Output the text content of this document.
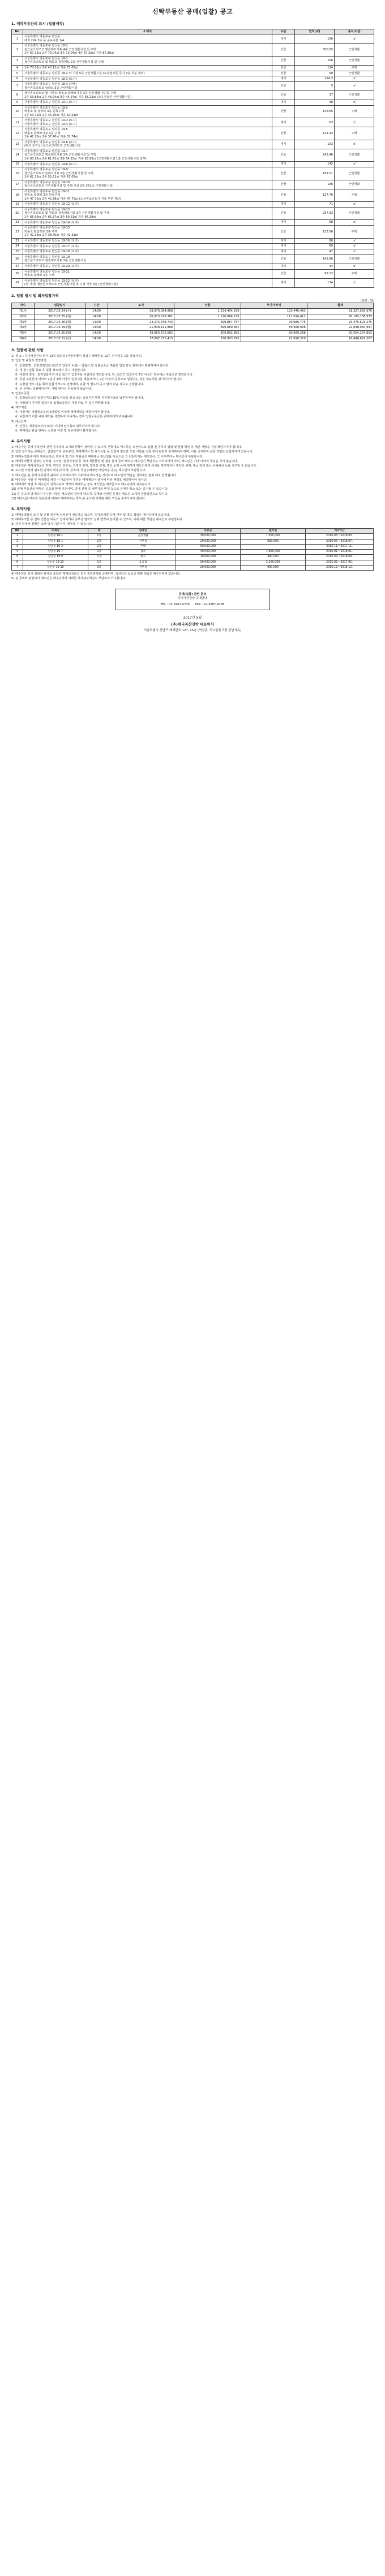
신탁부동산 공매(입찰) 공고
1. 매각부동산의 표시 (일괄매각)
No	소재지	구분	면적(㎡)	용도/지분
1	서울특별시 영등포구 당산동
대지 224.3㎡ 중 공유지분 1/4	대지	156	㎡
2	서울특별시 영등포구 당산동 18-1
철근콘크리조조 평슬래브지붕 4층 근린생활시설 및 주택
1층 67.35㎡ 2층 73.04㎡ 3층 73.04㎡ 4층 67.26㎡ 지층 87.36㎡	건물	300.05	근린생활
3	서울특별시 영등포구 당산동 18-1
철근콘크리트조 및 벽돌조 평슬래브 2층 근린생활시설 및 주택	건물	156	근린생활
4	1층 73.05㎡ 2층 43.12㎡ 지층 73.05㎡	건물	134	주택
5	서울특별시 영등포구 당산동 18-2 외 지상 5층 근린생활시설 (소유권보존 등기 3층 부분 제외)	건물	50	근린생활
6	서울특별시 영등포구 당산동 18-3 (토지)	대지	224.3	㎡
7	서울특별시 영등포구 당산동 18-3 (건물)
철근콘크리트조 슬래브 5층 근린생활시설	건물	5	㎡
8	철근콘크리트조 및 시멘트 벽돌조 슬래브지붕 3층 근린생활시설 및 주택
1층 53.84㎡ 2층 48.94㎡ 3층 44.97㎡ 지층 58.22㎡ (소유권보존 근린생활시설)	건물	37	근린생활
9	서울특별시 영등포구 당산동 19-1 (토지)	대지	98	㎡
10	서울특별시 영등포구 당산동 19-2
벽돌조 및 슬라브 3층 단독주택
1층 50.72㎡ 2층 45.70㎡ 지층 50.23㎡	건물	146.65	주택
11	서울특별시 영등포구 당산동 19-3 (토지)
서울특별시 영등포구 당산동 19-4 (토지)	대지	63	㎡
12	서울특별시 영등포구 당산동 19-5
벽돌조 슬래브지붕 3층 주택
1층 41.28㎡ 2층 37.40㎡ 지층 32.74㎡	건물	111.42	주택
13	서울특별시 영등포구 당산동 19-6 (토지)
(위의 토지상) 철근콘크리트조 근린생활시설	대지	103	㎡
14	서울특별시 영등포구 당산동 19-7
철근콘크리트조 평슬래브지붕 3층 근린생활시설 및 주택
1층 63.95㎡ 2층 61.41㎡ 3층 54.15㎡ 지층 63.95㎡ (근린생활시설 1층 근린생활시설 일부)	건물	243.46	근린생활
15	서울특별시 영등포구 당산동 19-8 (토지)	대지	142	㎡
16	서울특별시 영등포구 당산동 19-9
철근콘크리트조 슬래브지붕 2층 근린생활시설 및 주택
1층 62.35㎡ 2층 55.61㎡ 지층 63.05㎡	건물	181.01	근린생활
17	서울특별시 영등포구 당산동 19-10
철근콘크리트조 근린생활시설 및 주택 지상 3층 (제1종 근린생활시설)	건물	136	근린생활
18	서울특별시 영등포구 당산동 19-11
벽돌조 슬래브 2층 단독주택
1층 47.70㎡ 2층 42.36㎡ 지층 47.70㎡ (소유권보존등기 지층 부분 제외)	건물	137.76	주택
19	서울특별시 영등포구 당산동 19-12 (토지)	대지	71	㎡
20	서울특별시 영등포구 당산동 19-13
철근콘크리트조 및 연와조 평슬래브지붕 3층 근린생활시설 및 주택
1층 65.06㎡ 2층 66.37㎡ 3층 60.21㎡ 지층 66.29㎡	건물	257.93	근린생활
21	서울특별시 영등포구 당산동 19-14 (토지)	대지	68	㎡
22	서울특별시 영등포구 당산동 19-15
벽돌조 평슬래브 2층 주택
1층 42.33㎡ 2층 38.40㎡ 지층 42.33㎡	건물	123.06	주택
23	서울특별시 영등포구 당산동 19-16 (토지)	대지	80	㎡
24	서울특별시 영등포구 당산동 19-17 (토지)	대지	69	㎡
25	서울특별시 영등포구 당산동 19-18 (토지)	대지	47	㎡
26	서울특별시 영등포구 당산동 19-19
철근콘크리트조 평슬래브지붕 3층 근린생활시설	건물	145.66	근린생활
27	서울특별시 영등포구 당산동 19-20 (토지)	대지	44	㎡
28	서울특별시 영등포구 당산동 19-21
벽돌조 슬래브 2층 주택	건물	98.12	주택
29	서울특별시 영등포구 당산동 19-22 (토지)
(위 지상) 철근콘크리트조 근린생활시설 및 주택 지상 3층 (근린생활시설)	대지	134	㎡
2. 입찰 일시 및 최저입찰가격
(단위 : 원)
차수	입찰일시	시간	토지	건물	부가가치세	합계
제1차	2017.05.24.(수)	14:00	29,970,084,868	1,234,404,639	123,440,463	31,327,929,970
제2차	2017.05.25.(목)	14:00	26,973,076,381	1,110,964,175	111,096,417	28,195,136,973
제3차	2017.05.26.(금)	14:00	24,275,768,743	999,867,757	99,986,775	25,375,623,275
제4차	2017.05.29.(월)	14:00	21,848,191,868	899,880,981	89,988,098	22,838,060,947
제5차	2017.05.30.(화)	14:00	19,663,372,682	809,892,883	80,989,288	20,554,254,853
제6차	2017.05.31.(수)	14:00	17,697,035,413	728,903,595	72,890,359	18,498,829,367
3. 입찰에 관한 사항

1) 장 소 : 하나자산신탁 본사 13층 회의실 (서울특별시 강남구 테헤란로 127, 하나금융그룹 강남사옥)

2) 입찰 및 낙찰자 결정방법

가. 입찰방법 : 일반경쟁입찰 (최고가 입찰자 낙찰) - 입찰서 및 입찰보증금 제출은 입찰 당일 현장에서 제출하여야 합니다.

나. 개 찰 : 입찰 종료 후 입찰 장소에서 즉시 개찰합니다.

다. 낙찰자 결정 : 최저입찰가격 이상 최고가 입찰자를 낙찰자로 결정합니다. 단, 최고가 입찰자가 2인 이상인 경우에는 추첨으로 결정합니다.

라. 동일 부동산에 대하여 1인이 2매 이상의 입찰서를 제출하거나, 2인 이상이 공동으로 입찰하는 경우 대표자를 명시하여야 합니다.

마. 유찰된 경우 다음 회차 입찰가격으로 진행하며, 유찰 시 별도의 공고 없이 다음 차수로 진행합니다.

바. 본 공매는 일괄매각이며, 개별 매각은 허용되지 않습니다.

3) 입찰보증금

가. 입찰보증금은 입찰가격의 10% 이상을 현금 또는 금융기관 발행 자기앞수표로 납부하여야 합니다.

나. 낙찰되지 아니한 입찰자의 입찰보증금은 개찰 완료 후 즉시 반환합니다.

4) 계약체결

가. 낙찰자는 낙찰일로부터 5영업일 이내에 매매계약을 체결하여야 합니다.

나. 낙찰자가 기한 내에 계약을 체결하지 아니하는 경우 입찰보증금은 공매자에게 귀속됩니다.

5) 대금납부

가. 잔금은 계약일로부터 30일 이내에 일시불로 납부하여야 합니다.

나. 매매대금 완납 전에는 소유권 이전 및 점유이전이 불가합니다.

4. 유의사항

1) 매수자는 공매 부동산에 관한 공부상의 표시와 현황이 상이할 수 있으며, 현황대로 매수하는 조건이므로 입찰 전 공부의 열람 및 현장 확인 등 제반 사항을 직접 확인하여야 합니다.

2) 입찰 참가자는 공매공고, 입찰참가자 준수규칙, 매매계약서 및 유의사항 등 입찰에 필요한 모든 사항을 입찰 전에 완전히 숙지하여야 하며, 이를 숙지하지 못한 책임은 입찰자에게 있습니다.

3) 매매목적물에 대한 제세공과금, 관리비 및 기타 부담금은 매매대금 완납일을 기준으로 그 전일까지는 매도인이, 그 이후부터는 매수인이 부담합니다.

4) 매매목적물에 설정된 임차권, 유치권, 법정지상권 등 기타 제한물권 및 점유 관계 등의 해소는 매수인이 책임지고 처리하여야 하며, 매도인은 이에 대하여 책임을 지지 않습니다.

5) 매수인은 매매목적물의 하자, 면적의 과부족, 인허가 관계, 행정상 규제, 명도 문제 등에 대하여 매도인에게 이의를 제기하거나 계약의 해제, 대금 감액 또는 손해배상 등을 청구할 수 없습니다.

6) 소유권 이전에 필요한 일체의 비용(취득세, 등록세, 국민주택채권 매입비용 등)은 매수인이 부담합니다.

7) 매도인은 본 공매 부동산에 관하여 수탁자로서의 지위에서 매도하는 것이므로 매도인의 책임은 신탁재산 범위 내로 한정됩니다.

8) 매수인은 낙찰 후 매매계약 체결 시 매도인이 정하는 매매계약서 양식에 따라 계약을 체결하여야 합니다.

9) 매매계약 체결 후 매수인의 귀책사유로 계약이 해제되는 경우 계약금은 위약금으로 매도인에게 귀속됩니다.

10) 공매 부동산의 현황은 공고일 현재 기준이며, 공매 진행 중 채무자의 변제 등으로 공매가 취소 또는 중지될 수 있습니다.

11) 본 공고에 명시되지 아니한 사항은 매도인의 결정에 따르며, 공매와 관련된 분쟁은 매도인 소재지 관할법원으로 합니다.

12) 매수인은 매수한 부동산에 대하여 재매각하는 경우 본 공고에 기재된 제반 조건을 승계시켜야 합니다.

5. 특약사항

1) 매매목적물의 토지 및 건물 일부에 임차인이 점유하고 있으며, 임대차계약 승계 여부 및 명도 책임은 매수인에게 있습니다.

2) 매매목적물 중 일부 건물은 미등기 상태이거나 공부상 면적과 실제 면적이 상이할 수 있으며, 이에 대한 책임은 매수인이 부담합니다.

3) 하기 임대차 현황은 조사 당시 기준이며, 변동될 수 있습니다.

No	소재지	층	임차인	보증금	월차임	계약기간
1	당산동 18-1	1층	근린생활	30,000,000	1,500,000	2016.03.~2018.03.
2	당산동 18-1	2층	사무실	20,000,000	800,000	2016.07.~2018.07.
3	당산동 19-2	2층	주택	50,000,000	-	2015.11.~2017.11.
4	당산동 19-7	1층	점포	40,000,000	1,800,000	2016.01.~2018.01.
5	당산동 19-9	지층	창고	10,000,000	400,000	2016.09.~2018.09.
6	당산동 19-13	1층	음식점	50,000,000	2,200,000	2015.05.~2017.05.
7	당산동 19-19	3층	사무실	20,000,000	900,000	2016.12.~2018.12.

4) 매수인은 상기 임대차 관계를 포함한 매매목적물의 모든 권리관계를 승계하며, 임차인의 보증금 반환 책임은 매수인에게 있습니다.

5) 본 공매와 관련하여 매도인은 매수인에게 어떠한 하자담보책임도 부담하지 아니합니다.

공매(입찰) 관련 문의
하나자산신탁 공매담당
TEL : 02-3287-4700 FAX : 02-3287-4798
2017년 5월
(주)하나자산신탁 대표이사
서울특별시 강남구 테헤란로 127, 15층 (역삼동, 하나금융그룹 강남사옥)
